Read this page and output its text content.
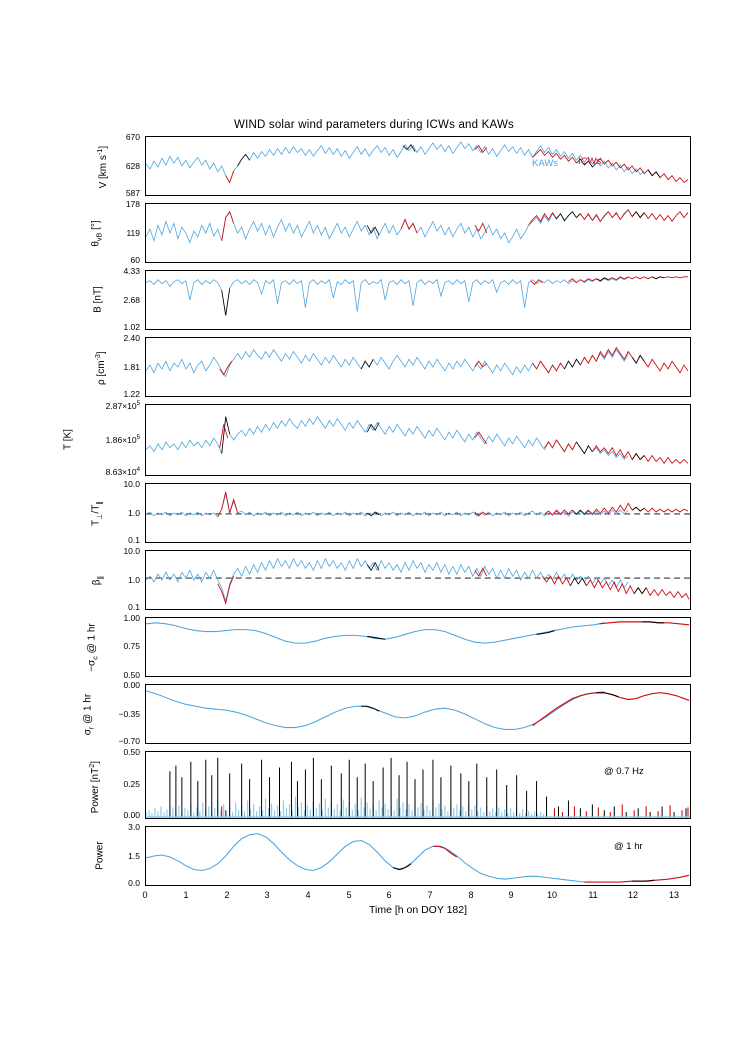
WIND solar wind parameters during ICWs and KAWs
670
628
587
V [km $s^{-1}$]
KAWs ICWs
178
119
60
$\theta_{vB}$ [°]
4.33
2.68
1.02
B [nT]
2.40
1.81
1.22
ρ $[cm^{-3}]$
$2.87\times 10^5$
$1.86\times 10^5$
$8.63\times 10^4$
T [K]
10.0
1.0
0.1
$T_\perp/T_\parallel$
10.0
1.0
0.1
$\beta_\parallel$
1.00
0.75
0.50
$-\sigma_c$ @ 1 hr
0.00
−0.35
−0.70
$\sigma_r$ @ 1 hr
0.50
0.25
0.00
Power $[nT^2]$
@ 0.7 Hz
3.0
1.5
0.0
Power	@ 1 hr
0	1	2	3	4	5	6	7	8	9	10	11	12	13
Time [h on DOY 182]
